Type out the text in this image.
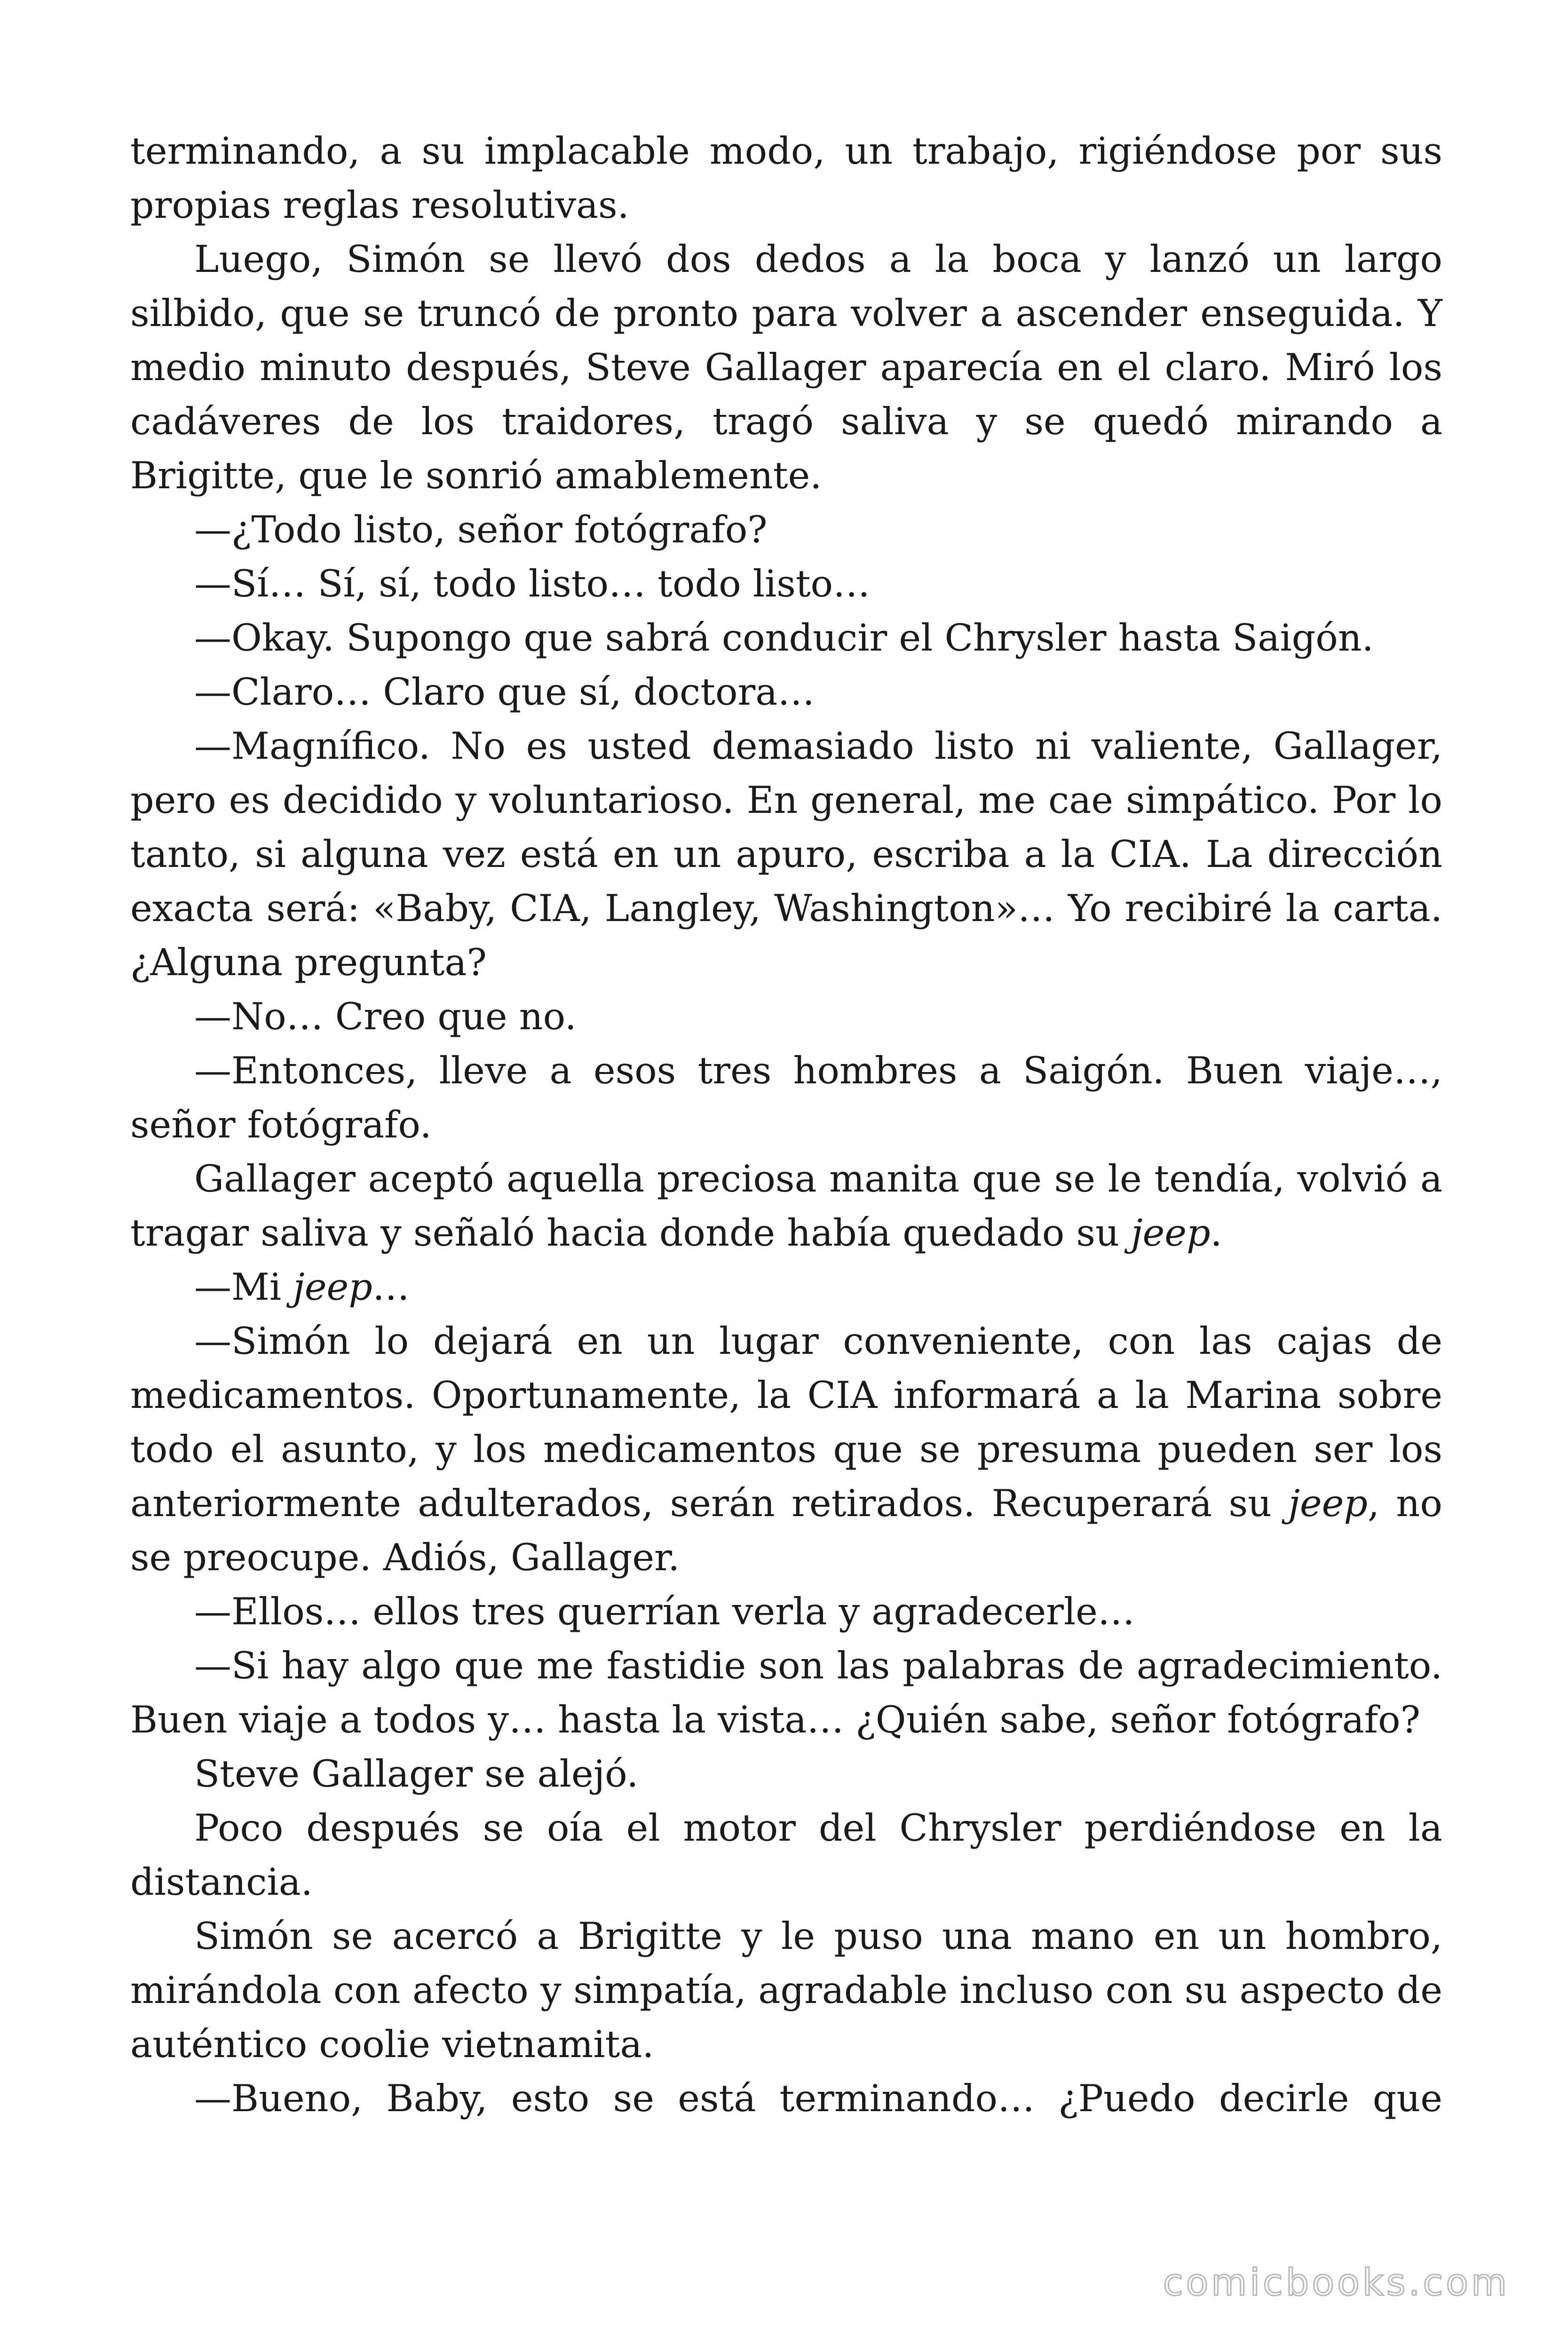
terminando, a su implacable modo, un trabajo, rigiéndose por sus propias reglas resolutivas.

Luego, Simón se llevó dos dedos a la boca y lanzó un largo silbido, que se truncó de pronto para volver a ascender enseguida. Y medio minuto después, Steve Gallager aparecía en el claro. Miró los cadáveres de los traidores, tragó saliva y se quedó mirando a Brigitte, que le sonrió amablemente.

—¿Todo listo, señor fotógrafo?

—Sí… Sí, sí, todo listo… todo listo…

—Okay. Supongo que sabrá conducir el Chrysler hasta Saigón.

—Claro… Claro que sí, doctora…

—Magnífico. No es usted demasiado listo ni valiente, Gallager, pero es decidido y voluntarioso. En general, me cae simpático. Por lo tanto, si alguna vez está en un apuro, escriba a la CIA. La dirección exacta será: «Baby, CIA, Langley, Washington»… Yo recibiré la carta. ¿Alguna pregunta?

—No… Creo que no.

—Entonces, lleve a esos tres hombres a Saigón. Buen viaje…, señor fotógrafo.

Gallager aceptó aquella preciosa manita que se le tendía, volvió a tragar saliva y señaló hacia donde había quedado su jeep.

—Mi jeep…

—Simón lo dejará en un lugar conveniente, con las cajas de medicamentos. Oportunamente, la CIA informará a la Marina sobre todo el asunto, y los medicamentos que se presuma pueden ser los anteriormente adulterados, serán retirados. Recuperará su jeep, no se preocupe. Adiós, Gallager.

—Ellos… ellos tres querrían verla y agradecerle…

—Si hay algo que me fastidie son las palabras de agradecimiento. Buen viaje a todos y… hasta la vista… ¿Quién sabe, señor fotógrafo?

Steve Gallager se alejó.

Poco después se oía el motor del Chrysler perdiéndose en la distancia.

Simón se acercó a Brigitte y le puso una mano en un hombro, mirándola con afecto y simpatía, agradable incluso con su aspecto de auténtico coolie vietnamita.

—Bueno, Baby, esto se está terminando… ¿Puedo decirle que

comicbooks.com
